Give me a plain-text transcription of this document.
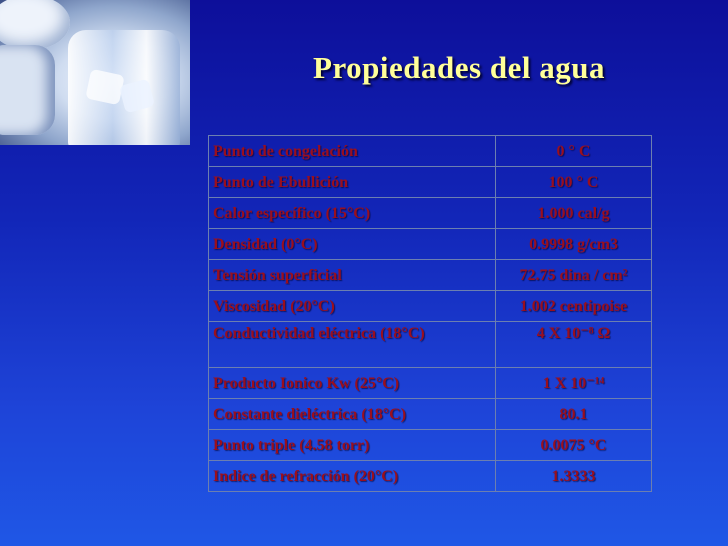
Propiedades del agua
Punto de congelación	0 ° C
Punto de Ebullición	100 ° C
Calor específico (15°C)	1.000 cal/g
Densidad (0°C)	0.9998 g/cm3
Tensión superficial	72.75 dina / cm²
Viscosidad (20°C)	1.002 centipoise
Conductividad eléctrica (18°C)	4 X 10⁻⁸ Ω
Producto Ionico Kw (25°C)	1 X 10⁻¹⁴
Constante dieléctrica (18°C)	80.1
Punto triple (4.58 torr)	0.0075 °C
Indice de refracción (20°C)	1.3333
